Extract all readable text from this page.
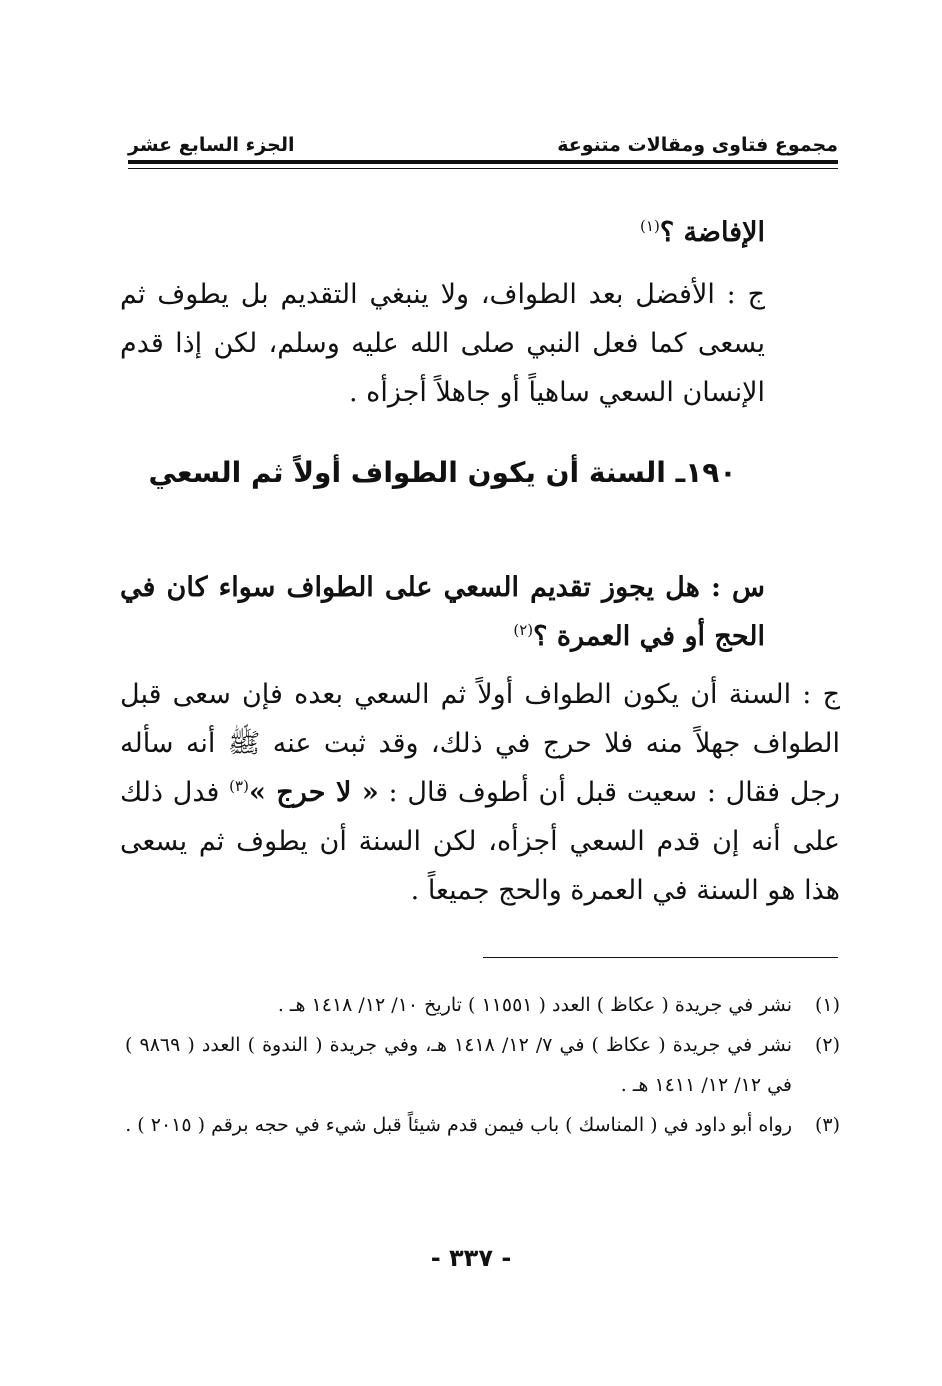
مجموع فتاوى ومقالات متنوعة
الجزء السابع عشر
الإفاضة ؟$^{(١)}$
ج : الأفضل بعد الطواف، ولا ينبغي التقديم بل يطوف ثم يسعى كما فعل النبي صلى الله عليه وسلم، لكن إذا قدم الإنسان السعي ساهياً أو جاهلاً أجزأه .
١٩٠ـ السنة أن يكون الطواف أولاً ثم السعي
س : هل يجوز تقديم السعي على الطواف سواء كان في الحج أو في العمرة ؟$^{(٢)}$
ج : السنة أن يكون الطواف أولاً ثم السعي بعده فإن سعى قبل الطواف جهلاً منه فلا حرج في ذلك، وقد ثبت عنه ﷺ أنه سأله رجل فقال : سعيت قبل أن أطوف قال : « لا حرج »$^{(٣)}$ فدل ذلك على أنه إن قدم السعي أجزأه، لكن السنة أن يطوف ثم يسعى هذا هو السنة في العمرة والحج جميعاً .
(١)
نشر في جريدة ( عكاظ ) العدد ( ١١٥٥١ ) تاريخ ١٠/ ١٢/ ١٤١٨ هـ .
(٢)
نشر في جريدة ( عكاظ ) في ٧/ ١٢/ ١٤١٨ هـ، وفي جريدة ( الندوة ) العدد ( ٩٨٦٩ ) في ١٢/ ١٢/ ١٤١١ هـ .
(٣)
رواه أبو داود في ( المناسك ) باب فيمن قدم شيئاً قبل شيء في حجه برقم ( ٢٠١٥ ) .
- ٣٣٧ -
